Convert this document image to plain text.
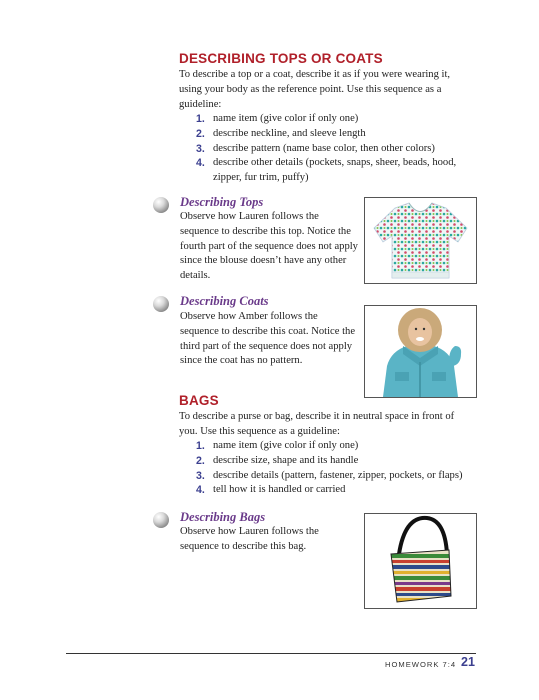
DESCRIBING TOPS OR COATS
To describe a top or a coat, describe it as if you were wearing it, using your body as the reference point. Use this sequence as a guideline:
1. name item (give color if only one)
2. describe neckline, and sleeve length
3. describe pattern (name base color, then other colors)
4. describe other details (pockets, snaps, sheer, beads, hood, zipper, fur trim, puffy)
Describing Tops
Observe how Lauren follows the sequence to describe this top. Notice the fourth part of the sequence does not apply since the blouse doesn’t have any other details.
Describing Coats
Observe how Amber follows the sequence to describe this coat. Notice the third part of the sequence does not apply since the coat has no pattern.
BAGS
To describe a purse or bag, describe it in neutral space in front of you. Use this sequence as a guideline:
1. name item (give color if only one)
2. describe size, shape and its handle
3. describe details (pattern, fastener, zipper, pockets, or flaps)
4. tell how it is handled or carried
Describing Bags
Observe how Lauren follows the sequence to describe this bag.
HOMEWORK 7:4 21
